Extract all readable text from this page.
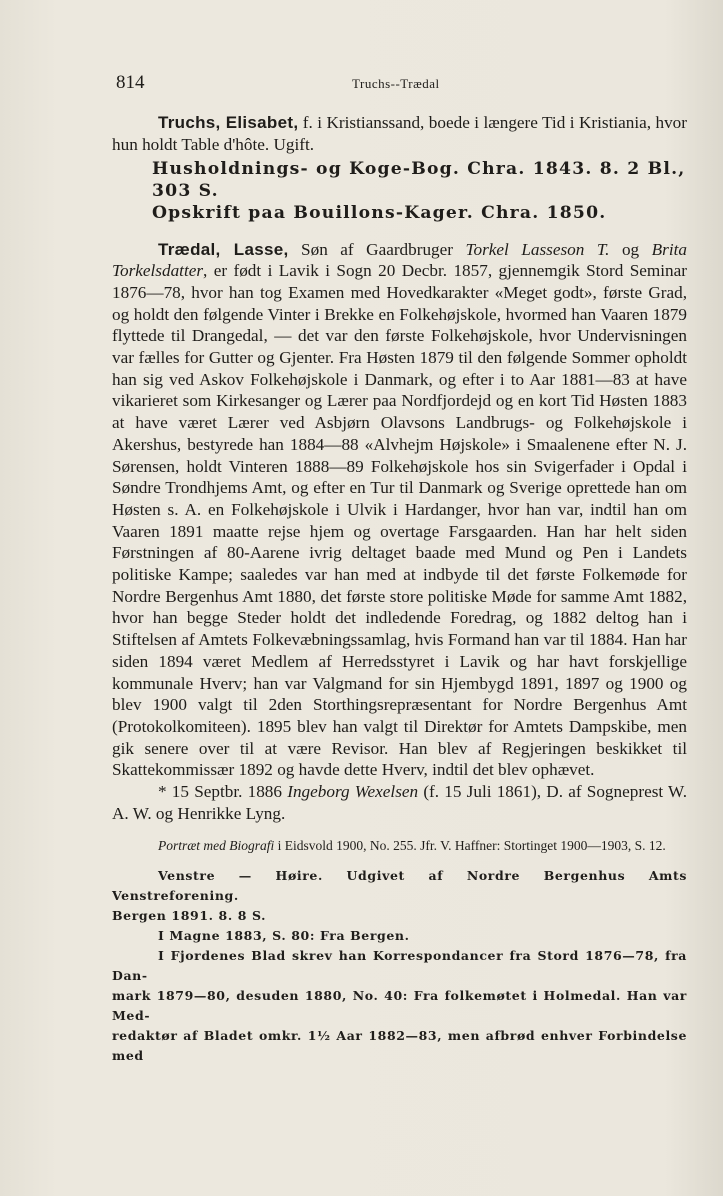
814	Truchs--Trædal

Truchs, Elisabet, f. i Kristianssand, boede i længere Tid i Kristiania, hvor hun holdt Table d'hôte. Ugift.

Husholdnings- og Koge-Bog. Chra. 1843. 8. 2 Bl., 303 S.

Opskrift paa Bouillons-Kager. Chra. 1850.

Trædal, Lasse, Søn af Gaardbruger Torkel Lasseson T. og Brita Torkelsdatter, er født i Lavik i Sogn 20 Decbr. 1857, gjennemgik Stord Seminar 1876—78, hvor han tog Examen med Hovedkarakter «Meget godt», første Grad, og holdt den følgende Vinter i Brekke en Folkehøjskole, hvormed han Vaaren 1879 flyttede til Drangedal, — det var den første Folkehøjskole, hvor Undervisningen var fælles for Gutter og Gjenter. Fra Høsten 1879 til den følgende Sommer opholdt han sig ved Askov Folkehøjskole i Danmark, og efter i to Aar 1881—83 at have vikarieret som Kirkesanger og Lærer paa Nordfjordejd og en kort Tid Høsten 1883 at have været Lærer ved Asbjørn Olavsons Landbrugs- og Folkehøjskole i Akershus, bestyrede han 1884—88 «Alvhejm Højskole» i Smaalenene efter N. J. Sørensen, holdt Vinteren 1888—89 Folkehøjskole hos sin Svigerfader i Opdal i Søndre Trondhjems Amt, og efter en Tur til Danmark og Sverige oprettede han om Høsten s. A. en Folkehøjskole i Ulvik i Hardanger, hvor han var, indtil han om Vaaren 1891 maatte rejse hjem og overtage Farsgaarden. Han har helt siden Førstningen af 80-Aarene ivrig deltaget baade med Mund og Pen i Landets politiske Kampe; saaledes var han med at indbyde til det første Folkemøde for Nordre Bergenhus Amt 1880, det første store politiske Møde for samme Amt 1882, hvor han begge Steder holdt det indledende Foredrag, og 1882 deltog han i Stiftelsen af Amtets Folkevæbningssamlag, hvis Formand han var til 1884. Han har siden 1894 været Medlem af Herredsstyret i Lavik og har havt forskjellige kommunale Hverv; han var Valgmand for sin Hjembygd 1891, 1897 og 1900 og blev 1900 valgt til 2den Storthingsrepræsentant for Nordre Bergenhus Amt (Protokolkomiteen). 1895 blev han valgt til Direktør for Amtets Dampskibe, men gik senere over til at være Revisor. Han blev af Regjeringen beskikket til Skattekommissær 1892 og havde dette Hverv, indtil det blev ophævet.

* 15 Septbr. 1886 Ingeborg Wexelsen (f. 15 Juli 1861), D. af Sogneprest W. A. W. og Henrikke Lyng.

Portræt med Biografi i Eidsvold 1900, No. 255. Jfr. V. Haffner: Stortinget 1900—1903, S. 12.

Venstre — Høire. Udgivet af Nordre Bergenhus Amts Venstreforening.

Bergen 1891. 8. 8 S.

I Magne 1883, S. 80: Fra Bergen.

I Fjordenes Blad skrev han Korrespondancer fra Stord 1876—78, fra Dan-

mark 1879—80, desuden 1880, No. 40: Fra folkemøtet i Holmedal. Han var Med-

redaktør af Bladet omkr. 1½ Aar 1882—83, men afbrød enhver Forbindelse med
